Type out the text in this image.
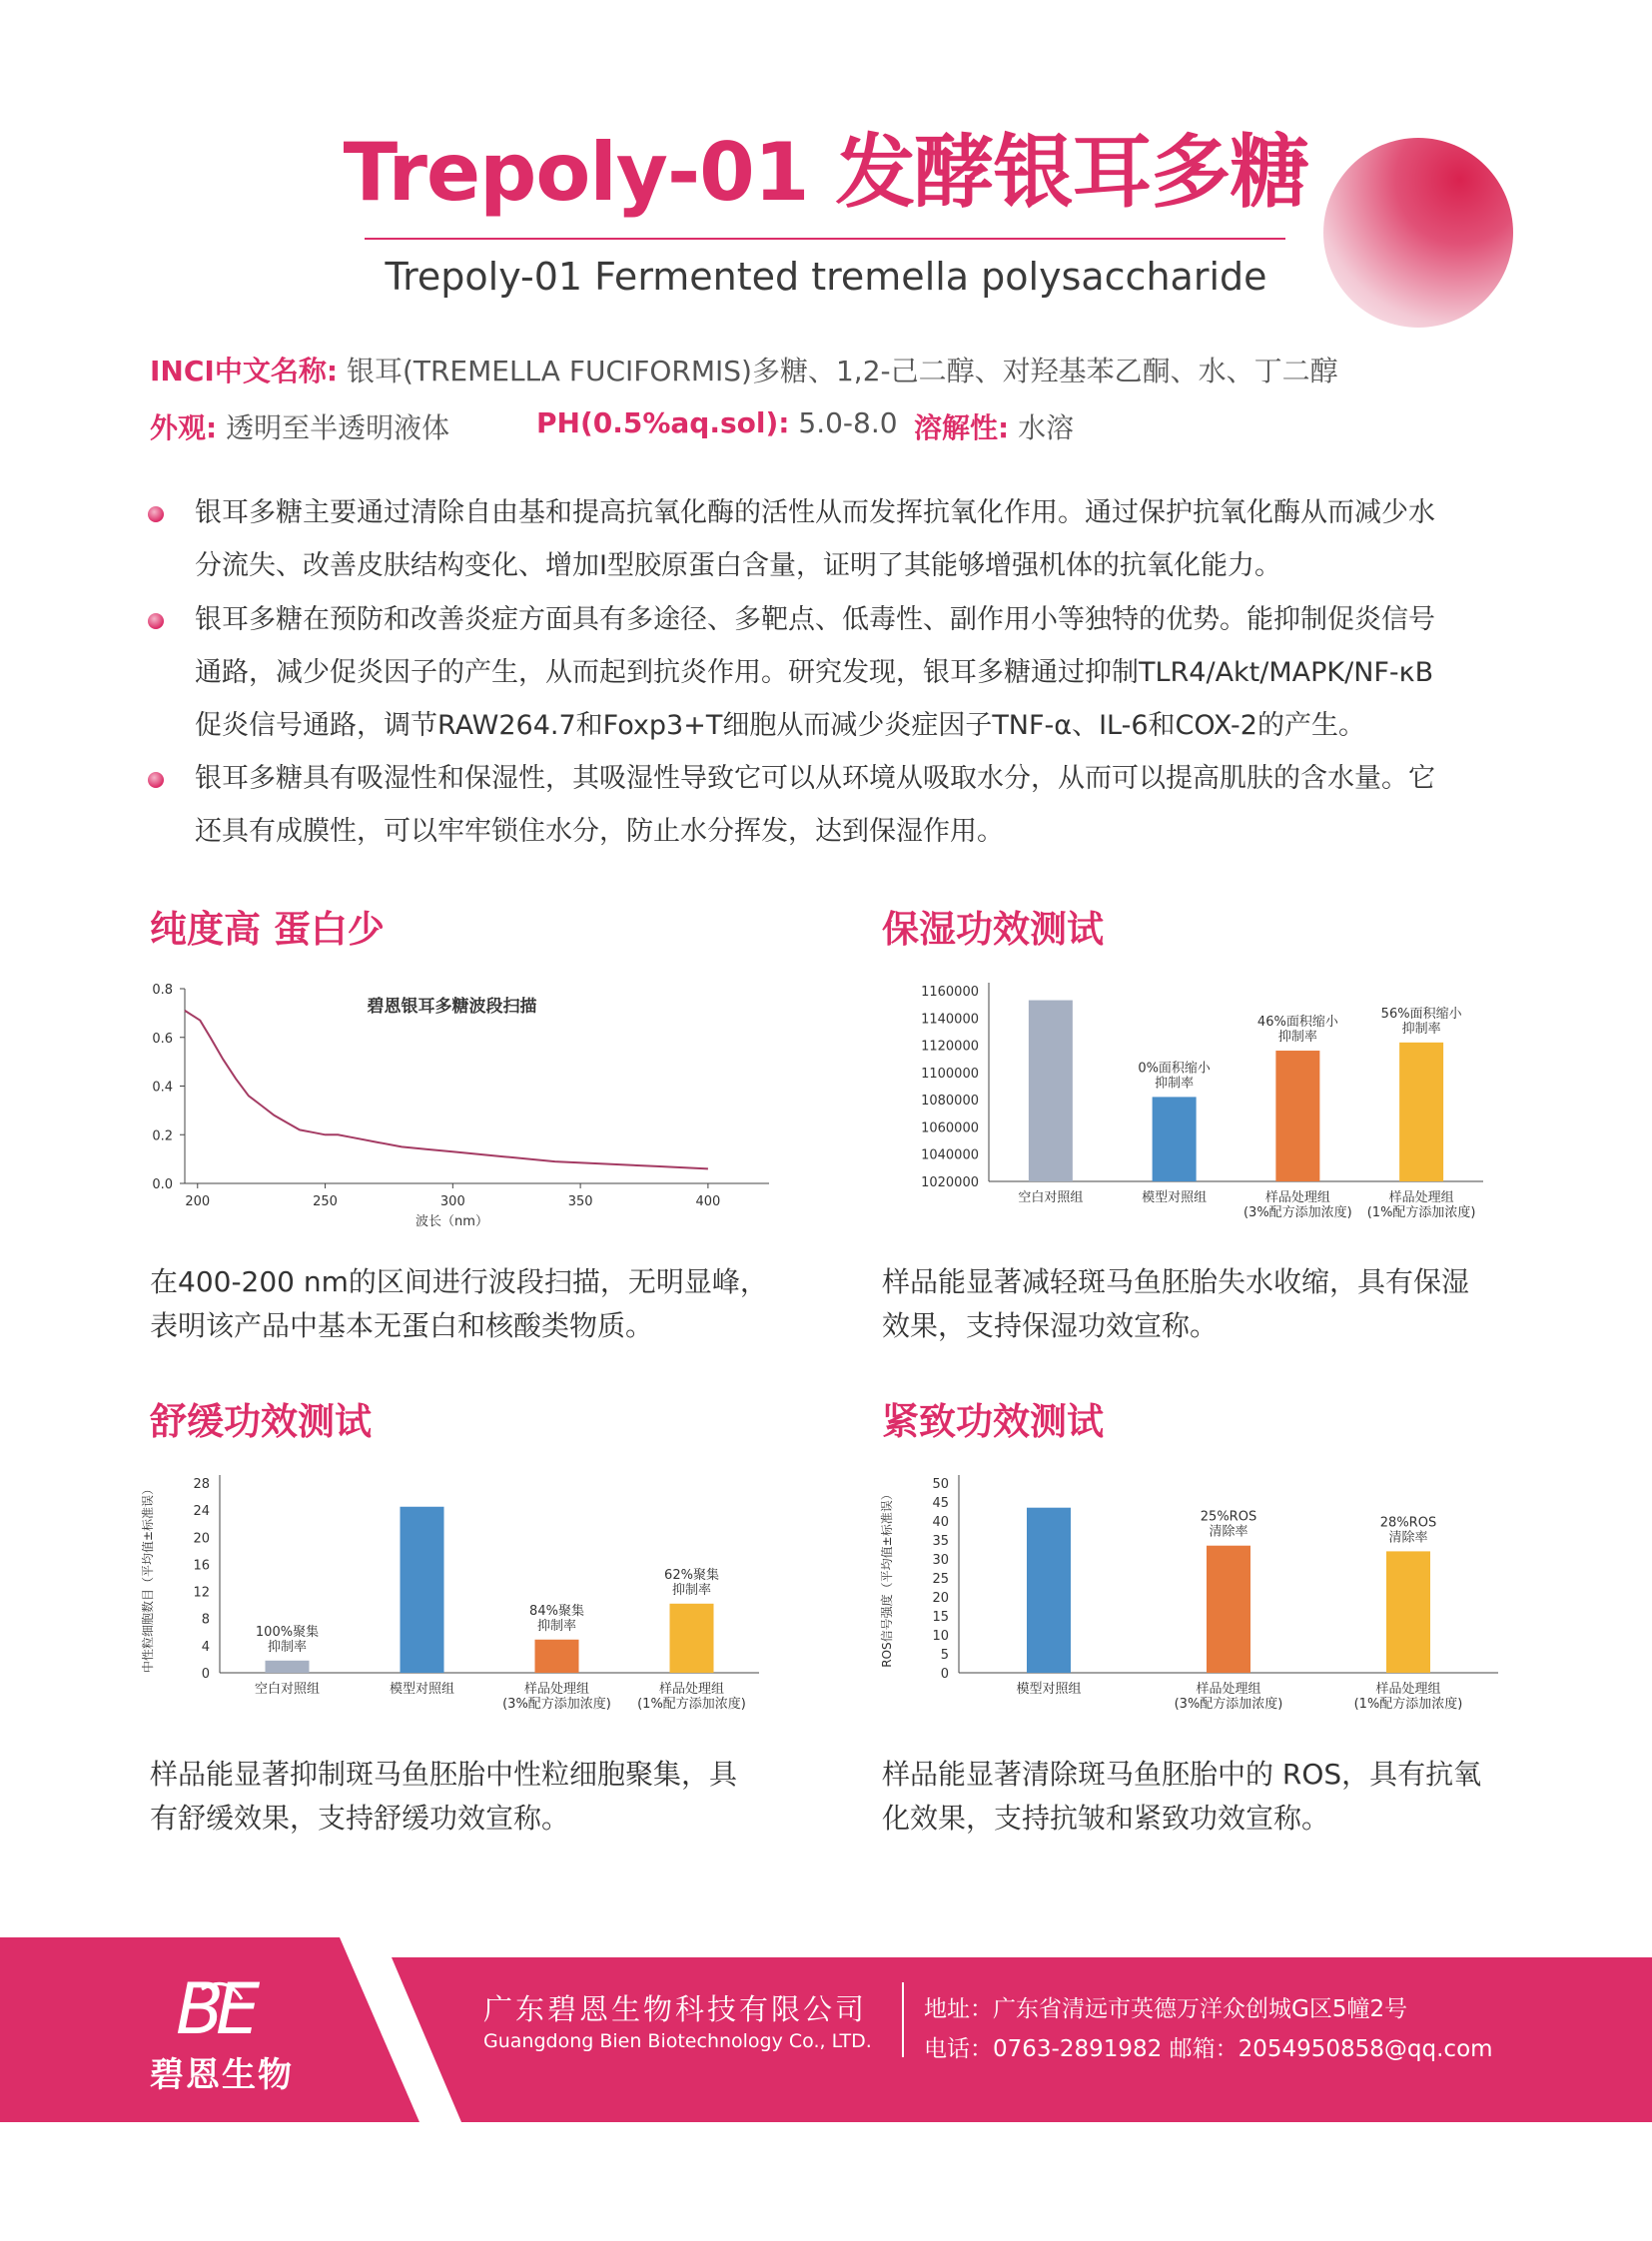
Trepoly-01 发酵银耳多糖
Trepoly-01 Fermented tremella polysaccharide
INCI中文名称: 银耳(TREMELLA FUCIFORMIS)多糖、1,2-己二醇、对羟基苯乙酮、水、丁二醇
外观: 透明至半透明液体	PH(0.5%aq.sol): 5.0-8.0 溶解性: 水溶
银耳多糖主要通过清除自由基和提高抗氧化酶的活性从而发挥抗氧化作用。通过保护抗氧化酶从而减少水
分流失、改善皮肤结构变化、增加I型胶原蛋白含量，证明了其能够增强机体的抗氧化能力。
银耳多糖在预防和改善炎症方面具有多途径、多靶点、低毒性、副作用小等独特的优势。能抑制促炎信号
通路，减少促炎因子的产生，从而起到抗炎作用。研究发现，银耳多糖通过抑制TLR4/Akt/MAPK/NF-κB
促炎信号通路，调节RAW264.7和Foxp3+T细胞从而减少炎症因子TNF-α、IL-6和COX-2的产生。
银耳多糖具有吸湿性和保湿性，其吸湿性导致它可以从环境从吸取水分，从而可以提高肌肤的含水量。它
还具有成膜性，可以牢牢锁住水分，防止水分挥发，达到保湿作用。
纯度高 蛋白少	保湿功效测试
舒缓功效测试	紧致功效测试
0.0
0.2
0.4
0.6
0.8
200	250	300	350	400
碧恩银耳多糖波段扫描
波长（nm）
1160000
1140000
1120000
1100000
1080000
1060000
1040000
1020000
空白对照组	模型对照组
0%面积缩小
抑制率
样品处理组
(3%配方添加浓度)
46%面积缩小
抑制率
样品处理组
(1%配方添加浓度)
56%面积缩小
抑制率
28
24
20
16
12
8
4
0
中性粒细胞数目（平均值±标准误）
空白对照组
100%聚集
抑制率
模型对照组	样品处理组
(3%配方添加浓度)
84%聚集
抑制率
样品处理组
(1%配方添加浓度)
62%聚集
抑制率
50
45
40
35
30
25
20
15
10
5
0
ROS信号强度（平均值±标准误）
模型对照组	样品处理组
(3%配方添加浓度)
25%ROS
清除率
样品处理组
(1%配方添加浓度)
28%ROS
清除率
在400-200 nm的区间进行波段扫描，无明显峰，
表明该产品中基本无蛋白和核酸类物质。
样品能显著减轻斑马鱼胚胎失水收缩，具有保湿
效果，支持保湿功效宣称。
样品能显著抑制斑马鱼胚胎中性粒细胞聚集，具
有舒缓效果，支持舒缓功效宣称。
样品能显著清除斑马鱼胚胎中的 ROS，具有抗氧
化效果，支持抗皱和紧致功效宣称。
B
E
碧恩生物
广东碧恩生物科技有限公司
Guangdong Bien Biotechnology Co., LTD.
地址：广东省清远市英德万洋众创城G区5幢2号
电话：0763-2891982 邮箱：2054950858@qq.com
